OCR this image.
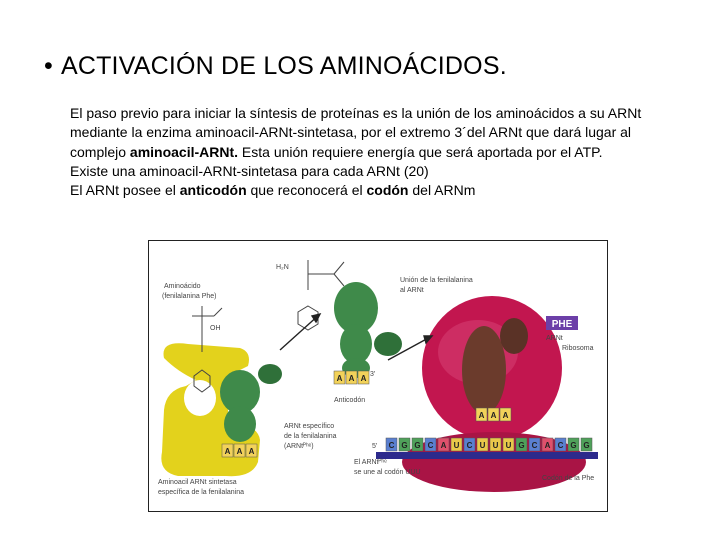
• ACTIVACIÓN DE LOS AMINOÁCIDOS.

El paso previo para iniciar la síntesis de proteínas es la unión de los aminoácidos a su ARNt mediante la enzima aminoacil-ARNt-sintetasa, por el extremo 3´del ARNt que dará lugar al complejo aminoacil-ARNt. Esta unión requiere energía que será aportada por el ATP.

Existe una aminoacil-ARNt-sintetasa para cada ARNt (20)

El ARNt posee el anticodón que reconocerá el codón del ARNm

C G G C A U C U U U G C A C G G
A A A
PHE
A A A
H₂N
A A A
Aminoácido
(fenilalanina Phe)
OH
Unión de la fenilalanina
al ARNt
ARNt
Ribosoma
Anticodón
ARNt específico
de la fenilalanina
(ARNtᴾʰᵉ)
Aminoacil ARNt sintetasa
específica de la fenilalanina
El ARNtᴾʰᵉ
se une al codón UUU
Codón de la Phe
5'
3'
